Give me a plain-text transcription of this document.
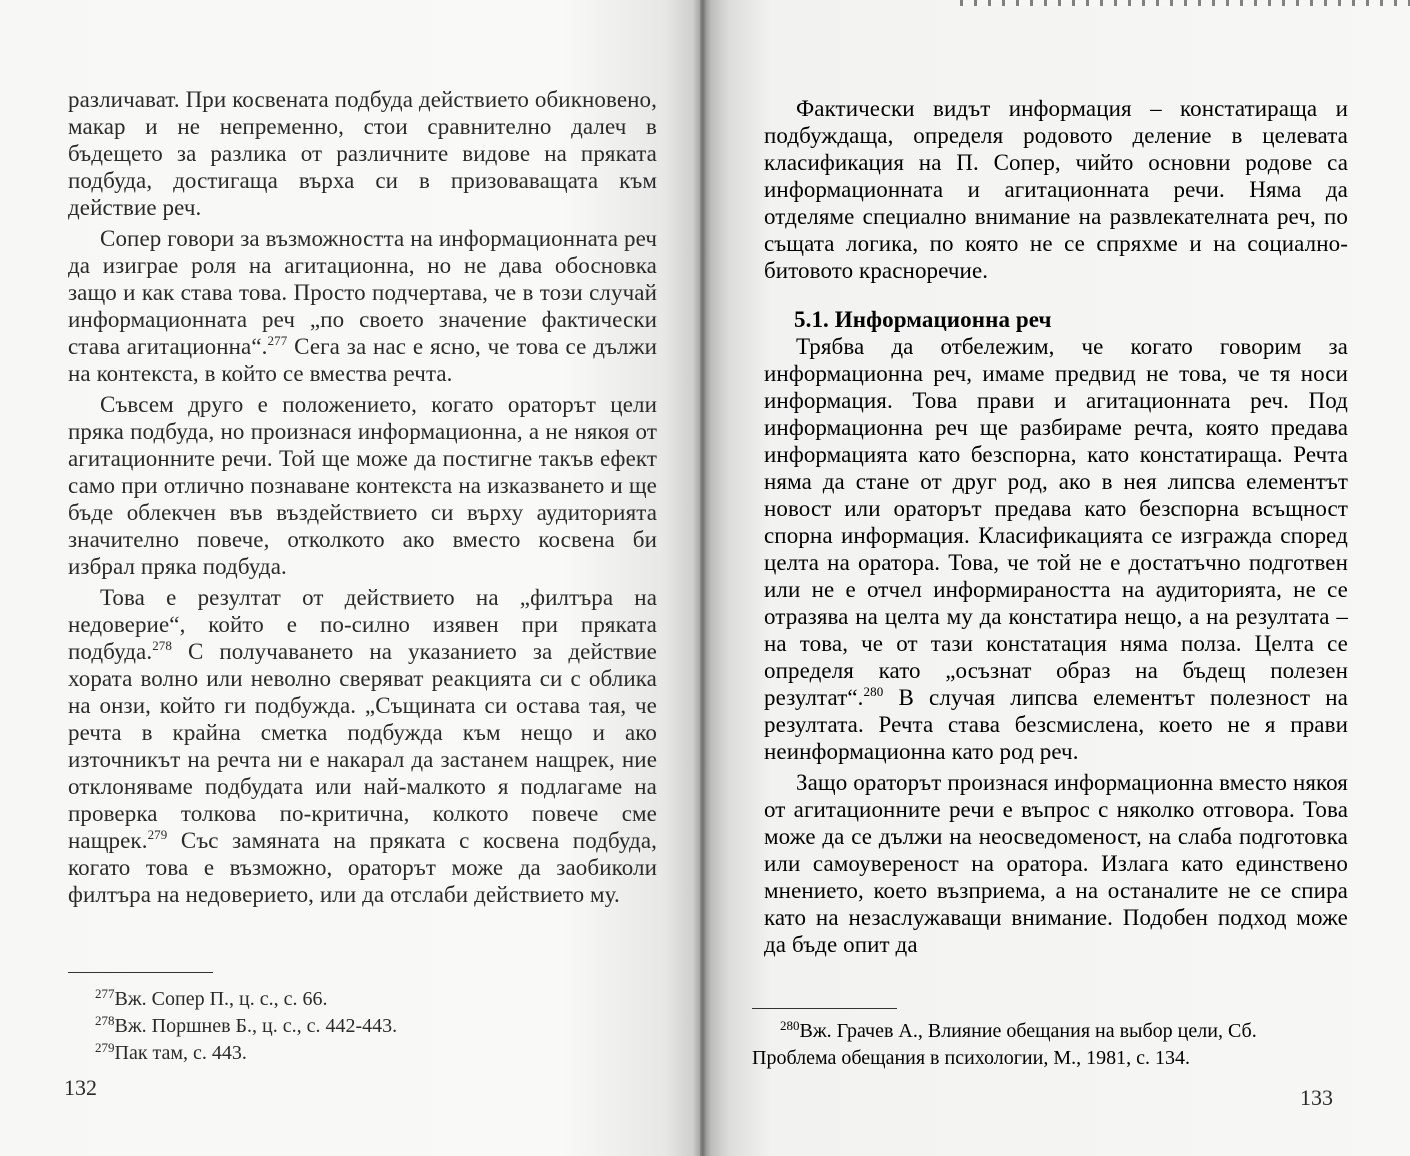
различават. При косвената подбуда действието обикновено, макар и не непременно, стои сравнително далеч в бъдещето за разлика от различните видове на пряката подбуда, достигаща върха си в призоваващата към действие реч.

Сопер говори за възможността на информационната реч да изиграе роля на агитационна, но не дава обосновка защо и как става това. Просто подчертава, че в този случай информационната реч „по своето значение фактически става агитационна“.$^{277}$ Сега за нас е ясно, че това се дължи на контекста, в който се вмества речта.

Съвсем друго е положението, когато ораторът цели пряка подбуда, но произнася информационна, а не някоя от агитационните речи. Той ще може да постигне такъв ефект само при отлично познаване контекста на изказването и ще бъде облекчен във въздействието си върху аудиторията значително повече, отколкото ако вместо косвена би избрал пряка подбуда.

Това е резултат от действието на „филтъра на недоверие“, който е по-силно изявен при пряката подбуда.$^{278}$ С получаването на указанието за действие хората волно или неволно сверяват реакцията си с облика на онзи, който ги подбужда. „Същината си остава тая, че речта в крайна сметка подбужда към нещо и ако източникът на речта ни е накарал да застанем нащрек, ние отклоняваме подбудата или най-малкото я подлагаме на проверка толкова по-критична, колкото повече сме нащрек.$^{279}$ Със замяната на пряката с косвена подбуда, когато това е възможно, ораторът може да заобиколи филтъра на недоверието, или да отслаби действието му.

$^{277}$Вж. Сопер П., ц. с., с. 66.
$^{278}$Вж. Поршнев Б., ц. с., с. 442-443.
$^{279}$Пак там, с. 443.
132

Фактически видът информация – констатираща и подбуждаща, определя родовото деление в целевата класификация на П. Сопер, чийто основни родове са информационната и агитационната речи. Няма да отделяме специално внимание на развлекателната реч, по същата логика, по която не се спряхме и на социално-битовото красноречие.

5.1. Информационна реч

Трябва да отбележим, че когато говорим за информационна реч, имаме предвид не това, че тя носи информация. Това прави и агитационната реч. Под информационна реч ще разбираме речта, която предава информацията като безспорна, като констатираща. Речта няма да стане от друг род, ако в нея липсва елементът новост или ораторът предава като безспорна всъщност спорна информация. Класификацията се изгражда според целта на оратора. Това, че той не е достатъчно подготвен или не е отчел информираността на аудиторията, не се отразява на целта му да констатира нещо, а на резултата – на това, че от тази констатация няма полза. Целта се определя като „осъзнат образ на бъдещ полезен резултат“.$^{280}$ В случая липсва елементът полезност на резултата. Речта става безсмислена, което не я прави неинформационна като род реч.

Защо ораторът произнася информационна вместо някоя от агитационните речи е въпрос с няколко отговора. Това може да се дължи на неосведоменост, на слаба подготовка или самоувереност на оратора. Излага като единствено мнението, което възприема, а на останалите не се спира като на незаслужаващи внимание. Подобен подход може да бъде опит да

$^{280}$Вж. Грачев А., Влияние обещания на выбор цели, Сб.
Проблема обещания в психологии, М., 1981, с. 134.
133
